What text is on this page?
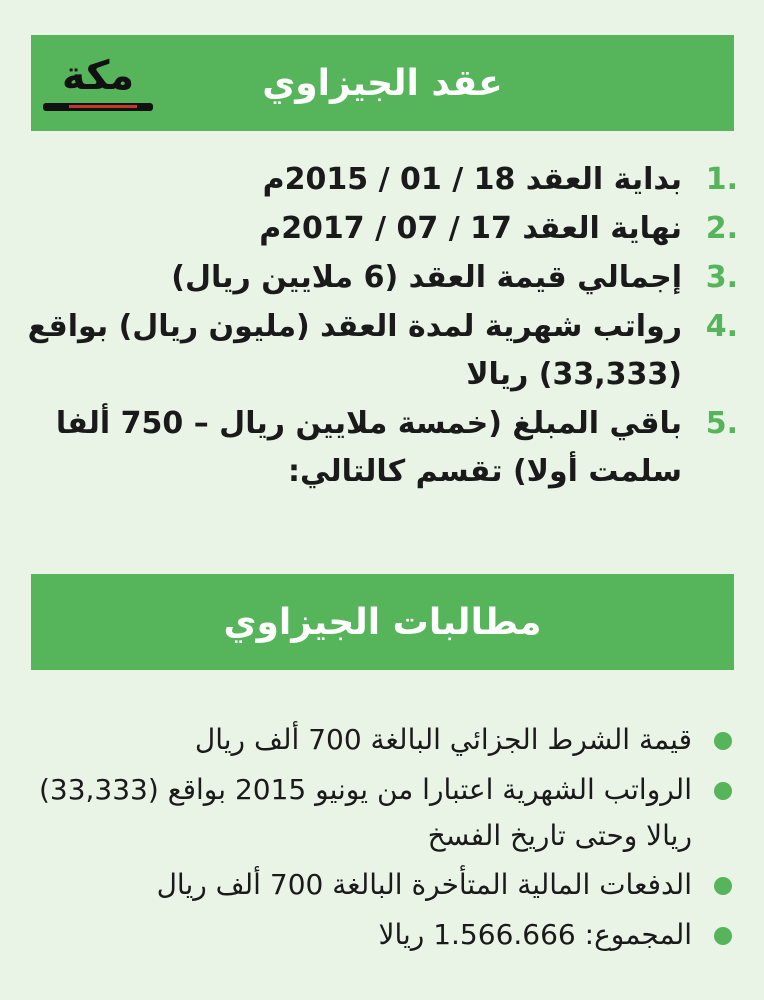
مكة	عقد الجيزاوي
1.
بداية العقد 18 / 01 / 2015م
2.
نهاية العقد 17 / 07 / 2017م
3.
إجمالي قيمة العقد (6 ملايين ريال)
4.
رواتب شهرية لمدة العقد (مليون ريال) بواقع (33,333) ريالا
5.
باقي المبلغ (خمسة ملايين ريال – 750 ألفا سلمت أولا) تقسم كالتالي:
مطالبات الجيزاوي
قيمة الشرط الجزائي البالغة 700 ألف ريال
الرواتب الشهرية اعتبارا من يونيو 2015 بواقع (33,333) ريالا وحتى تاريخ الفسخ
الدفعات المالية المتأخرة البالغة 700 ألف ريال
المجموع: 1.566.666 ريالا
